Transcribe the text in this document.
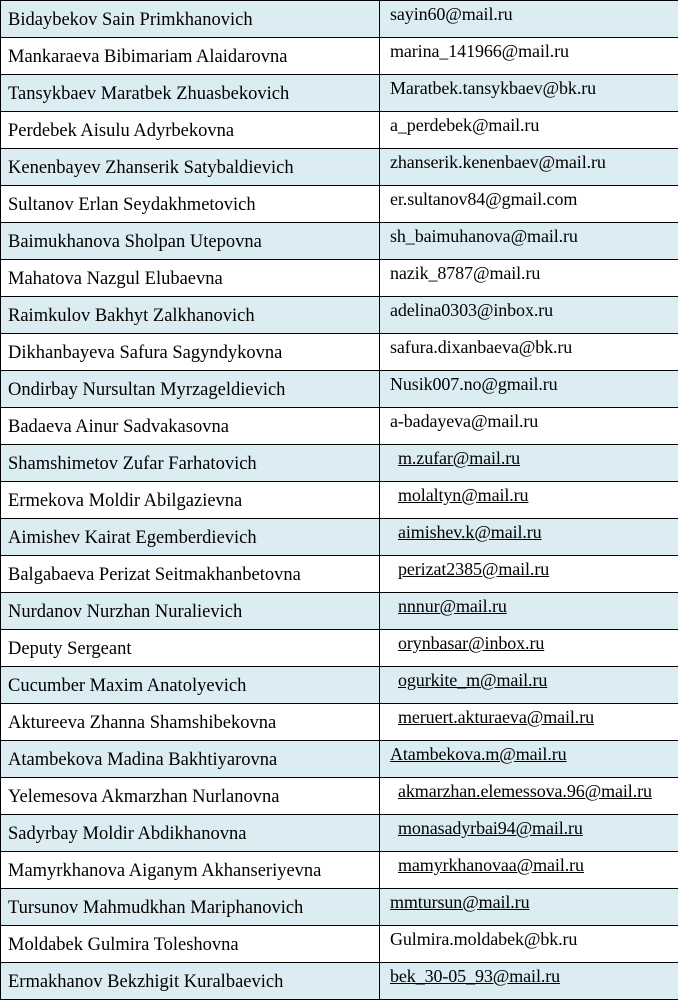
Bidaybekov Sain Primkhanovich	sayin60@mail.ru
Mankaraeva Bibimariam Alaidarovna	marina_141966@mail.ru
Tansykbaev Maratbek Zhuasbekovich	Maratbek.tansykbaev@bk.ru
Perdebek Aisulu Adyrbekovna	a_perdebek@mail.ru
Kenenbayev Zhanserik Satybaldievich	zhanserik.kenenbaev@mail.ru
Sultanov Erlan Seydakhmetovich	er.sultanov84@gmail.com
Baimukhanova Sholpan Utepovna	sh_baimuhanova@mail.ru
Mahatova Nazgul Elubaevna	nazik_8787@mail.ru
Raimkulov Bakhyt Zalkhanovich	adelina0303@inbox.ru
Dikhanbayeva Safura Sagyndykovna	safura.dixanbaeva@bk.ru
Ondirbay Nursultan Myrzageldievich	Nusik007.no@gmail.ru
Badaeva Ainur Sadvakasovna	a-badayeva@mail.ru
Shamshimetov Zufar Farhatovich	m.zufar@mail.ru
Ermekova Moldir Abilgazievna	molaltyn@mail.ru
Aimishev Kairat Egemberdievich	aimishev.k@mail.ru
Balgabaeva Perizat Seitmakhanbetovna	perizat2385@mail.ru
Nurdanov Nurzhan Nuralievich	nnnur@mail.ru
Deputy Sergeant	orynbasar@inbox.ru
Cucumber Maxim Anatolyevich	ogurkite_m@mail.ru
Aktureeva Zhanna Shamshibekovna	meruert.akturaeva@mail.ru
Atambekova Madina Bakhtiyarovna	Atambekova.m@mail.ru
Yelemesova Akmarzhan Nurlanovna	akmarzhan.elemessova.96@mail.ru
Sadyrbay Moldir Abdikhanovna	monasadyrbai94@mail.ru
Mamyrkhanova Aiganym Akhanseriyevna	mamyrkhanovaa@mail.ru
Tursunov Mahmudkhan Mariphanovich	mmtursun@mail.ru
Moldabek Gulmira Toleshovna	Gulmira.moldabek@bk.ru
Ermakhanov Bekzhigit Kuralbaevich	bek_30-05_93@mail.ru
